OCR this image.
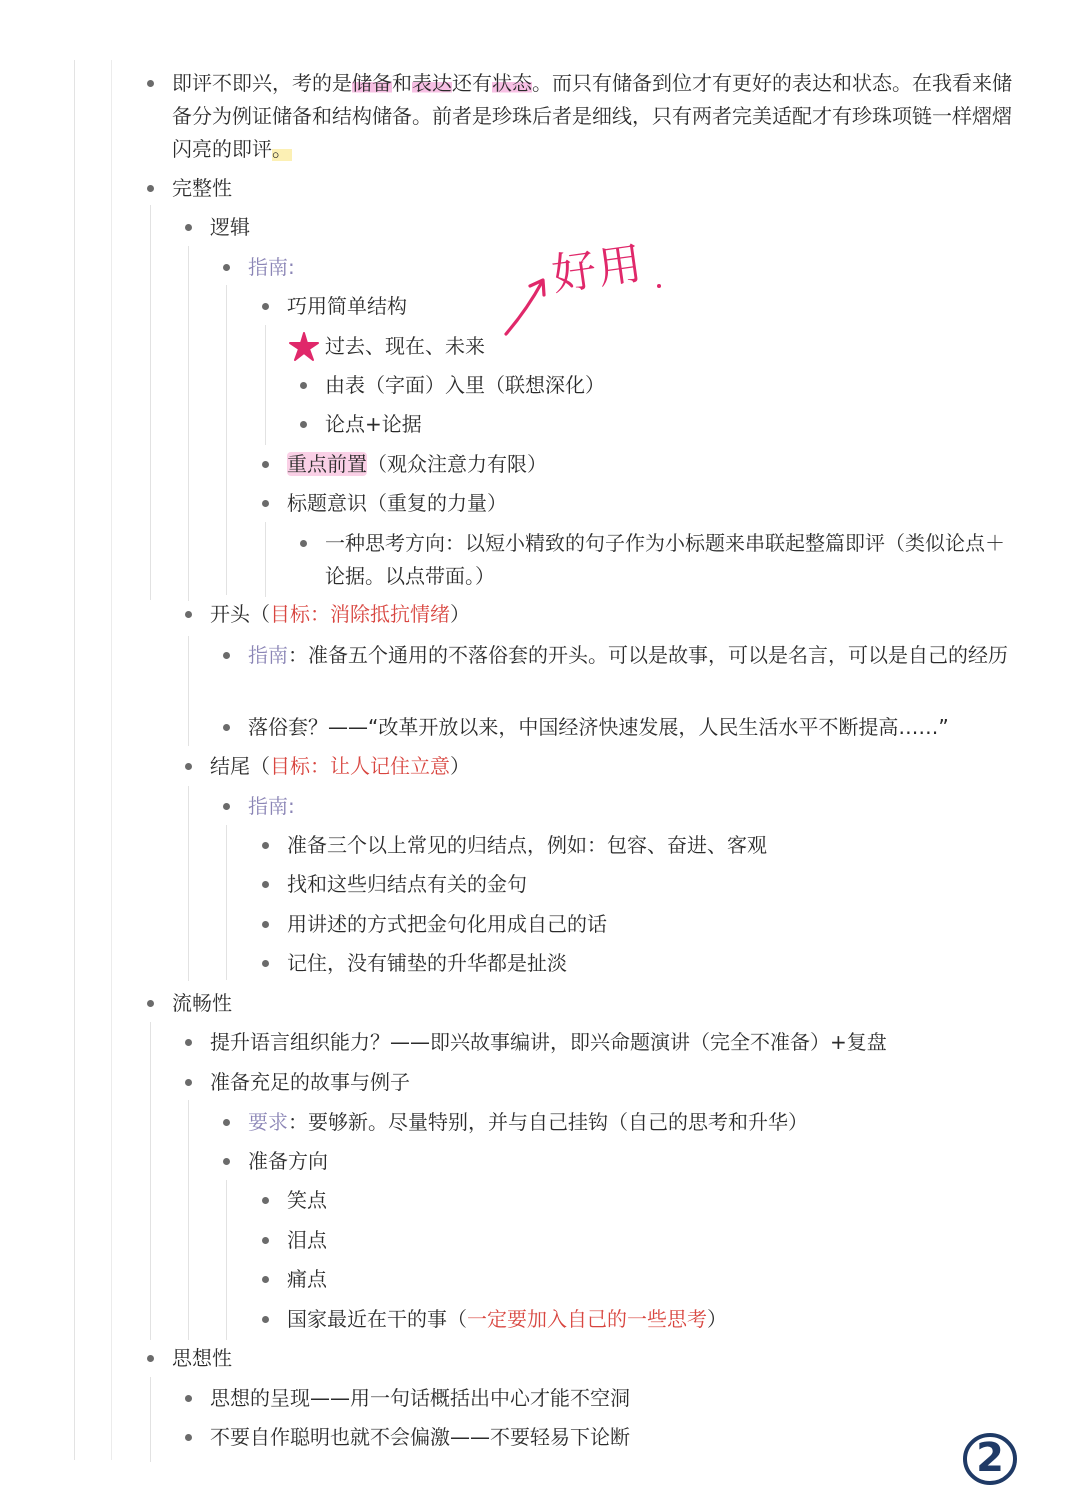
即评不即兴，考的是储备和表达还有状态。而只有储备到位才有更好的表达和状态。在我看来储备分为例证储备和结构储备。前者是珍珠后者是细线，只有两者完美适配才有珍珠项链一样熠熠闪亮的即评。
完整性
逻辑
指南:
巧用简单结构
过去、现在、未来
由表（字面）入里（联想深化）
论点+论据
重点前置（观众注意力有限）
标题意识（重复的力量）
一种思考方向：以短小精致的句子作为小标题来串联起整篇即评（类似论点＋论据。以点带面。）
开头（目标：消除抵抗情绪）
指南：准备五个通用的不落俗套的开头。可以是故事，可以是名言，可以是自己的经历
落俗套？——“改革开放以来，中国经济快速发展，人民生活水平不断提高……”
结尾（目标：让人记住立意）
指南:
准备三个以上常见的归结点，例如：包容、奋进、客观
找和这些归结点有关的金句
用讲述的方式把金句化用成自己的话
记住，没有铺垫的升华都是扯淡
流畅性
提升语言组织能力？——即兴故事编讲，即兴命题演讲（完全不准备）+复盘
准备充足的故事与例子
要求：要够新。尽量特别，并与自己挂钩（自己的思考和升华）
准备方向
笑点
泪点
痛点
国家最近在干的事（一定要加入自己的一些思考）
思想性
思想的呈现——用一句话概括出中心才能不空洞
不要自作聪明也就不会偏激——不要轻易下论断
好用
2
